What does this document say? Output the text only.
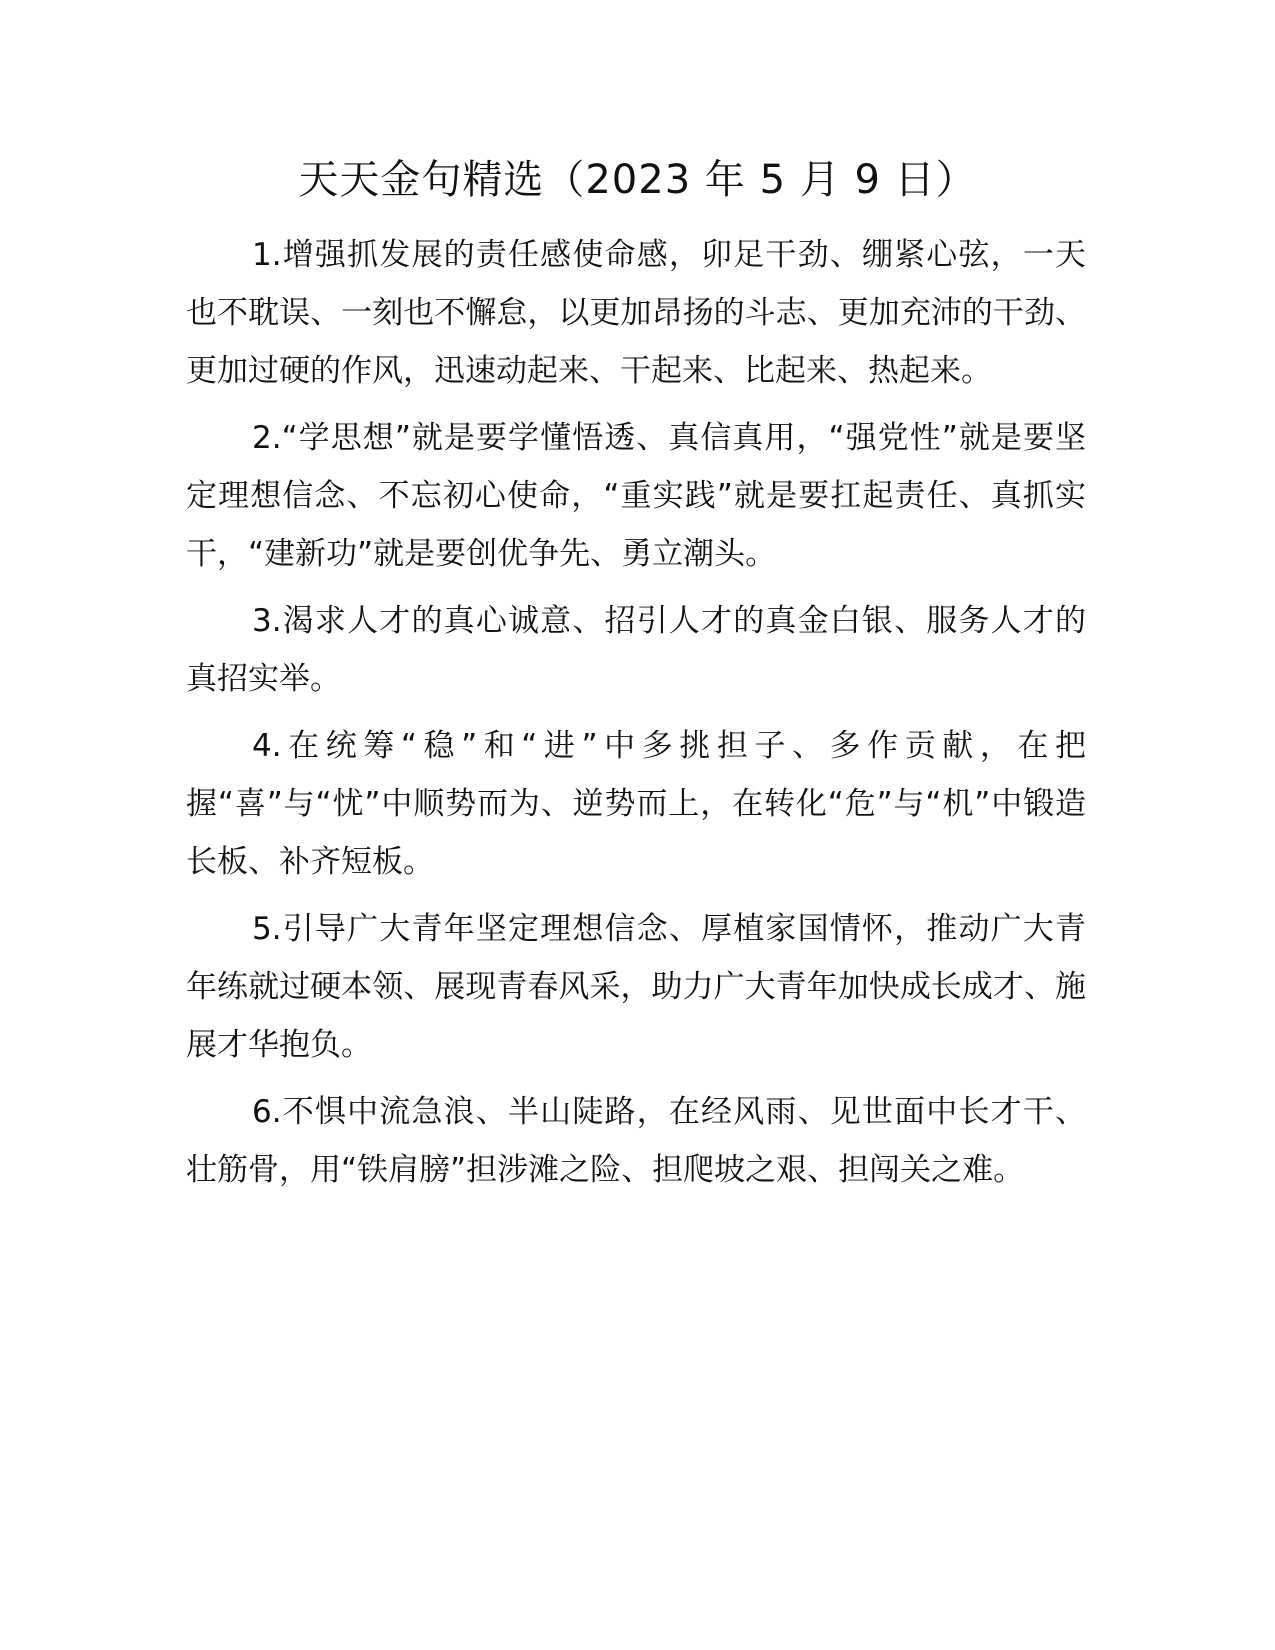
天天金句精选（2023 年 5 月 9 日）

1.增强抓发展的责任感使命感，卯足干劲、绷紧心弦，一天也不耽误、一刻也不懈怠，以更加昂扬的斗志、更加充沛的干劲、更加过硬的作风，迅速动起来、干起来、比起来、热起来。

2.“学思想”就是要学懂悟透、真信真用，“强党性”就是要坚定理想信念、不忘初心使命，“重实践”就是要扛起责任、真抓实干，“建新功”就是要创优争先、勇立潮头。

3.渴求人才的真心诚意、招引人才的真金白银、服务人才的真招实举。

4.在统筹“稳”和“进”中多挑担子、多作贡献，在把握“喜”与“忧”中顺势而为、逆势而上，在转化“危”与“机”中锻造长板、补齐短板。

5.引导广大青年坚定理想信念、厚植家国情怀，推动广大青年练就过硬本领、展现青春风采，助力广大青年加快成长成才、施展才华抱负。

6.不惧中流急浪、半山陡路，在经风雨、见世面中长才干、壮筋骨，用“铁肩膀”担涉滩之险、担爬坡之艰、担闯关之难。
